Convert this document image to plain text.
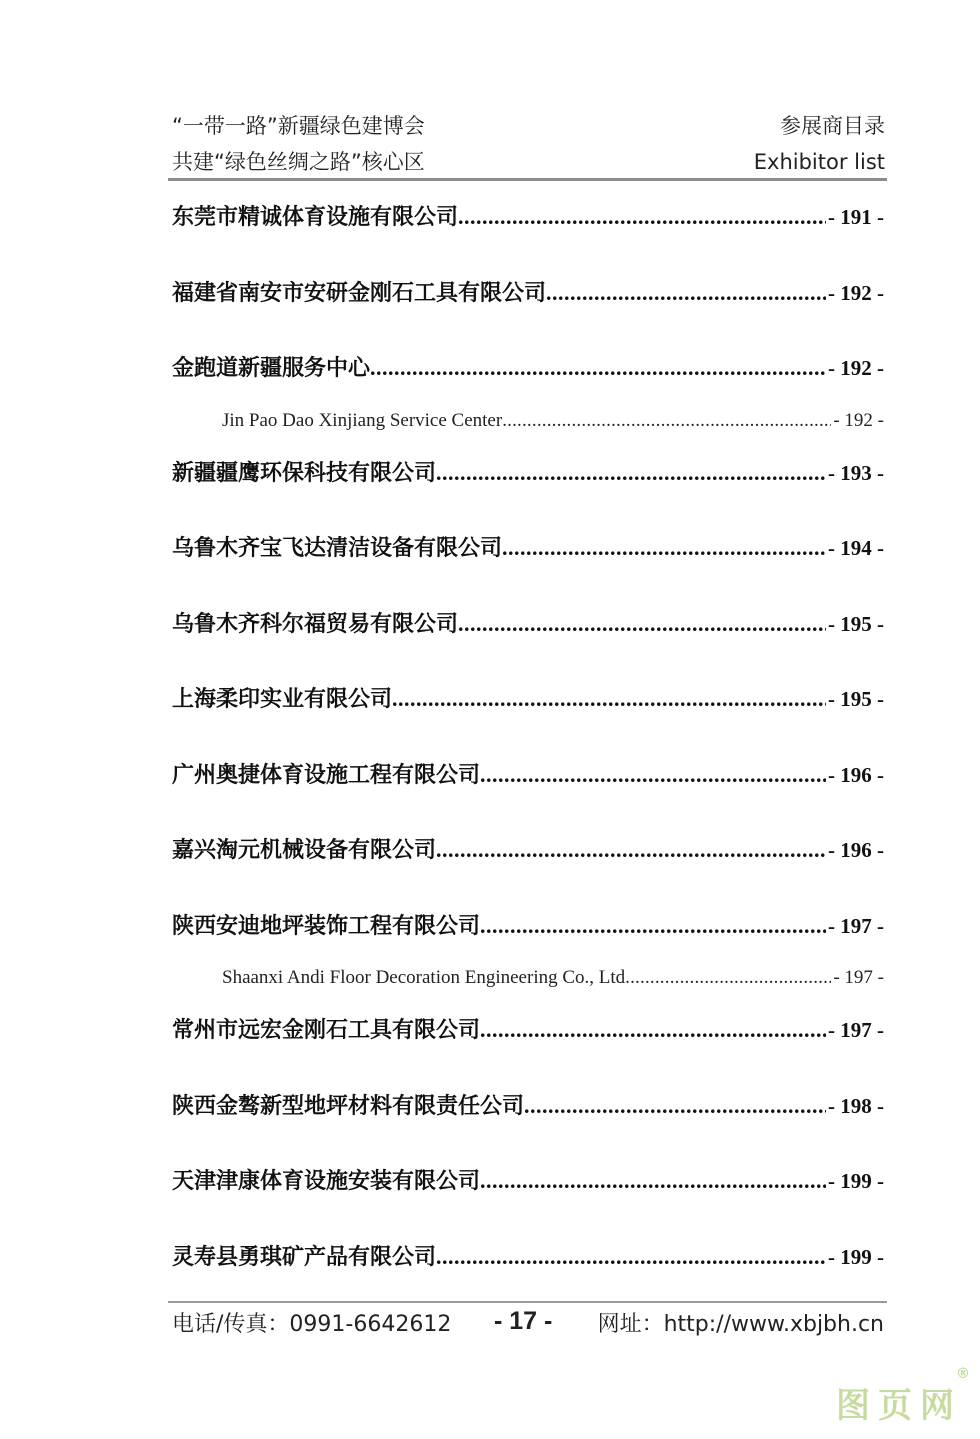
“一带一路”新疆绿色建博会	参展商目录
共建“绿色丝绸之路”核心区	Exhibitor list
东莞市精诚体育设施有限公司 .....	- 191 -
福建省南安市安研金刚石工具有限公司 .....	- 192 -
金跑道新疆服务中心 .....	- 192 -
Jin Pao Dao Xinjiang Service Center .....	- 192 -
新疆疆鹰环保科技有限公司 .....	- 193 -
乌鲁木齐宝飞达清洁设备有限公司 .....	- 194 -
乌鲁木齐科尔福贸易有限公司 .....	- 195 -
上海柔印实业有限公司 .....	- 195 -
广州奥捷体育设施工程有限公司 .....	- 196 -
嘉兴淘元机械设备有限公司 .....	- 196 -
陕西安迪地坪装饰工程有限公司 .....	- 197 -
Shaanxi Andi Floor Decoration Engineering Co., Ltd .....	- 197 -
常州市远宏金刚石工具有限公司 .....	- 197 -
陕西金骜新型地坪材料有限责任公司 .....	- 198 -
天津津康体育设施安装有限公司 .....	- 199 -
灵寿县勇琪矿产品有限公司 .....	- 199 -
电话/传真：0991-6642612 - 17 - 网址：http://www.xbjbh.cn
图页网
®
